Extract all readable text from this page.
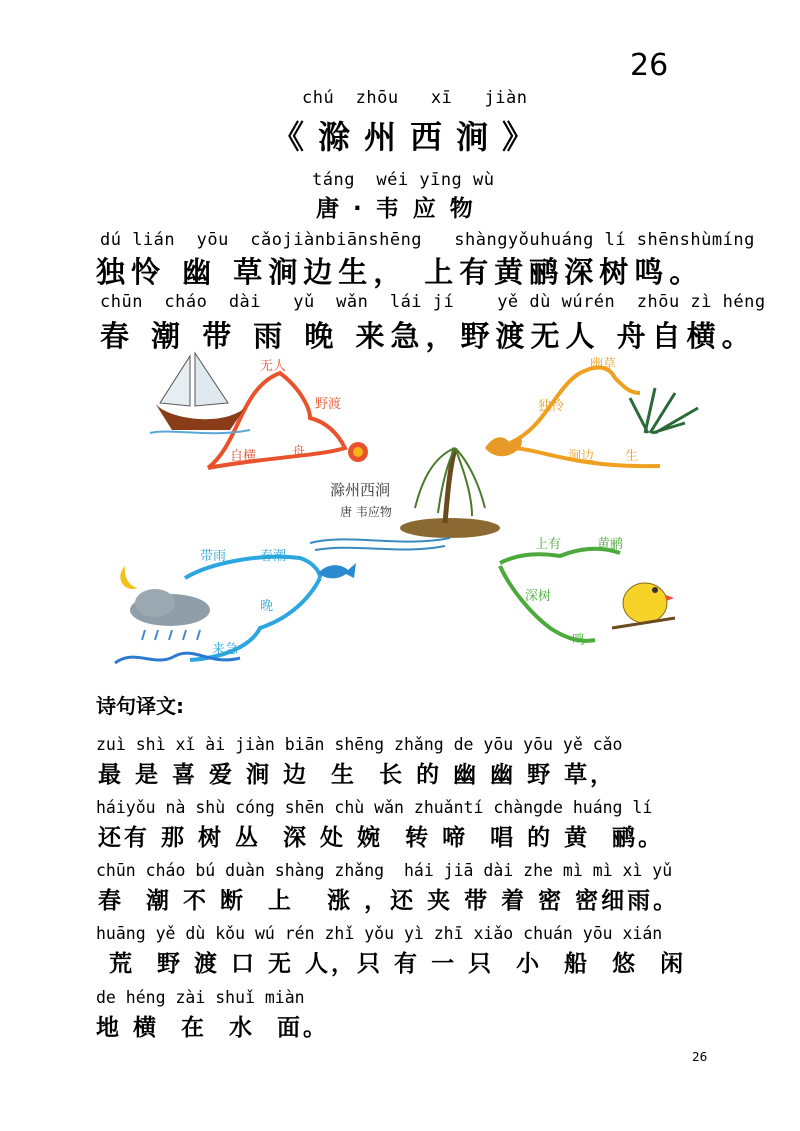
26
chú  zhōu   xī   jiàn
《滁州西涧》
táng  wéi yīng wù
唐·韦应物
dú lián  yōu  cǎojiànbiānshēng   shàngyǒuhuáng lí shēnshùmíng
独怜 幽 草涧边生， 上有黄鹂深树鸣。
chūn  cháo  dài   yǔ  wǎn  lái jí    yě dù wúrén  zhōu zì héng
春 潮 带 雨 晚 来急，野渡无人 舟自横。
滁州西涧
唐 韦应物
无人
野渡
自横	舟
幽草
独怜
涧边 生
带雨	春潮
晚
来急
上有	黄鹂
深树
鸣
诗句译文:
zuì shì xǐ ài jiàn biān shēng zhǎng de yōu yōu yě cǎo
最 是 喜 爱 涧 边  生  长 的 幽 幽 野 草，
háiyǒu nà shù cóng shēn chù wǎn zhuǎntí chàngde huáng lí
还有 那 树 丛  深 处 婉  转 啼  唱 的 黄  鹂。
chūn cháo bú duàn shàng zhǎng  hái jiā dài zhe mì mì xì yǔ
春  潮 不 断  上   涨 ，还 夹 带 着 密 密细雨。
huāng yě dù kǒu wú rén zhǐ yǒu yì zhī xiǎo chuán yōu xián
荒  野 渡 口 无 人，只 有 一 只  小  船  悠  闲
de héng zài shuǐ miàn
地 横  在  水  面。
26
